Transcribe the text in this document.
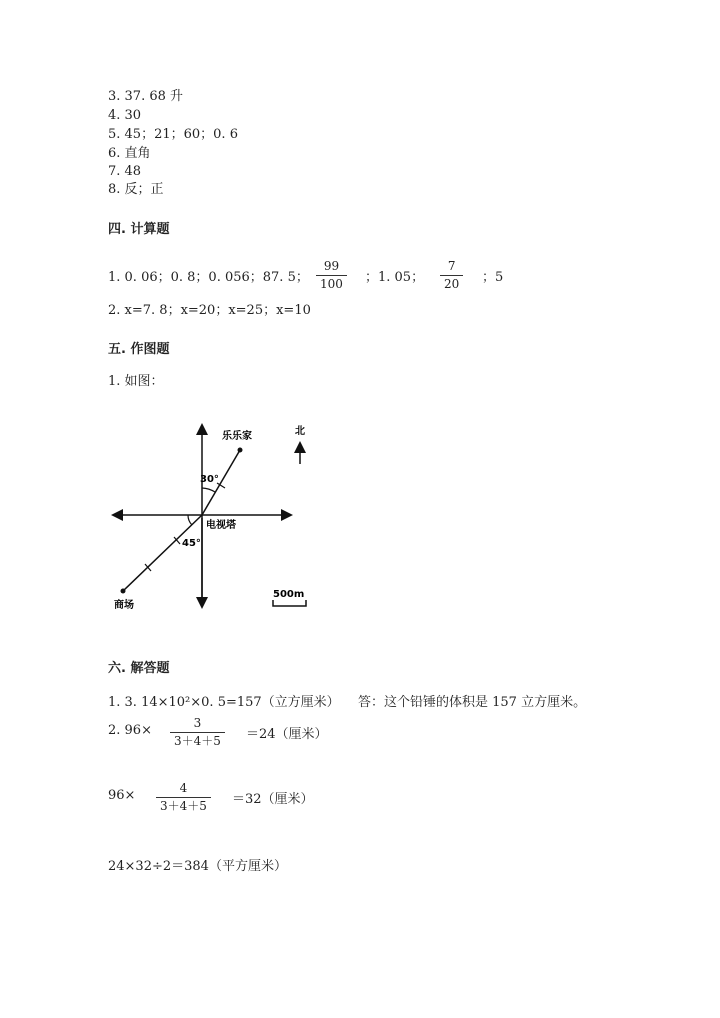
3. 37. 68 升
4. 30
5. 45；21；60；0. 6
6. 直角
7. 48
8. 反；正
四. 计算题
1. 0. 06；0. 8；0. 056；87. 5；
99
100	；1. 05；
7
20	；5
2. x=7. 8；x=20；x=25；x=10
五. 作图题
1. 如图：
乐乐家	北
30°
电视塔
45°
商场
500m
六. 解答题
1. 3. 14×10²×0. 5=157（立方厘米） 答：这个铅锤的体积是 157 立方厘米。
2. 96×	3
3＋4＋5	＝24（厘米）
96×	4
3＋4＋5	＝32（厘米）
24×32÷2＝384（平方厘米）
